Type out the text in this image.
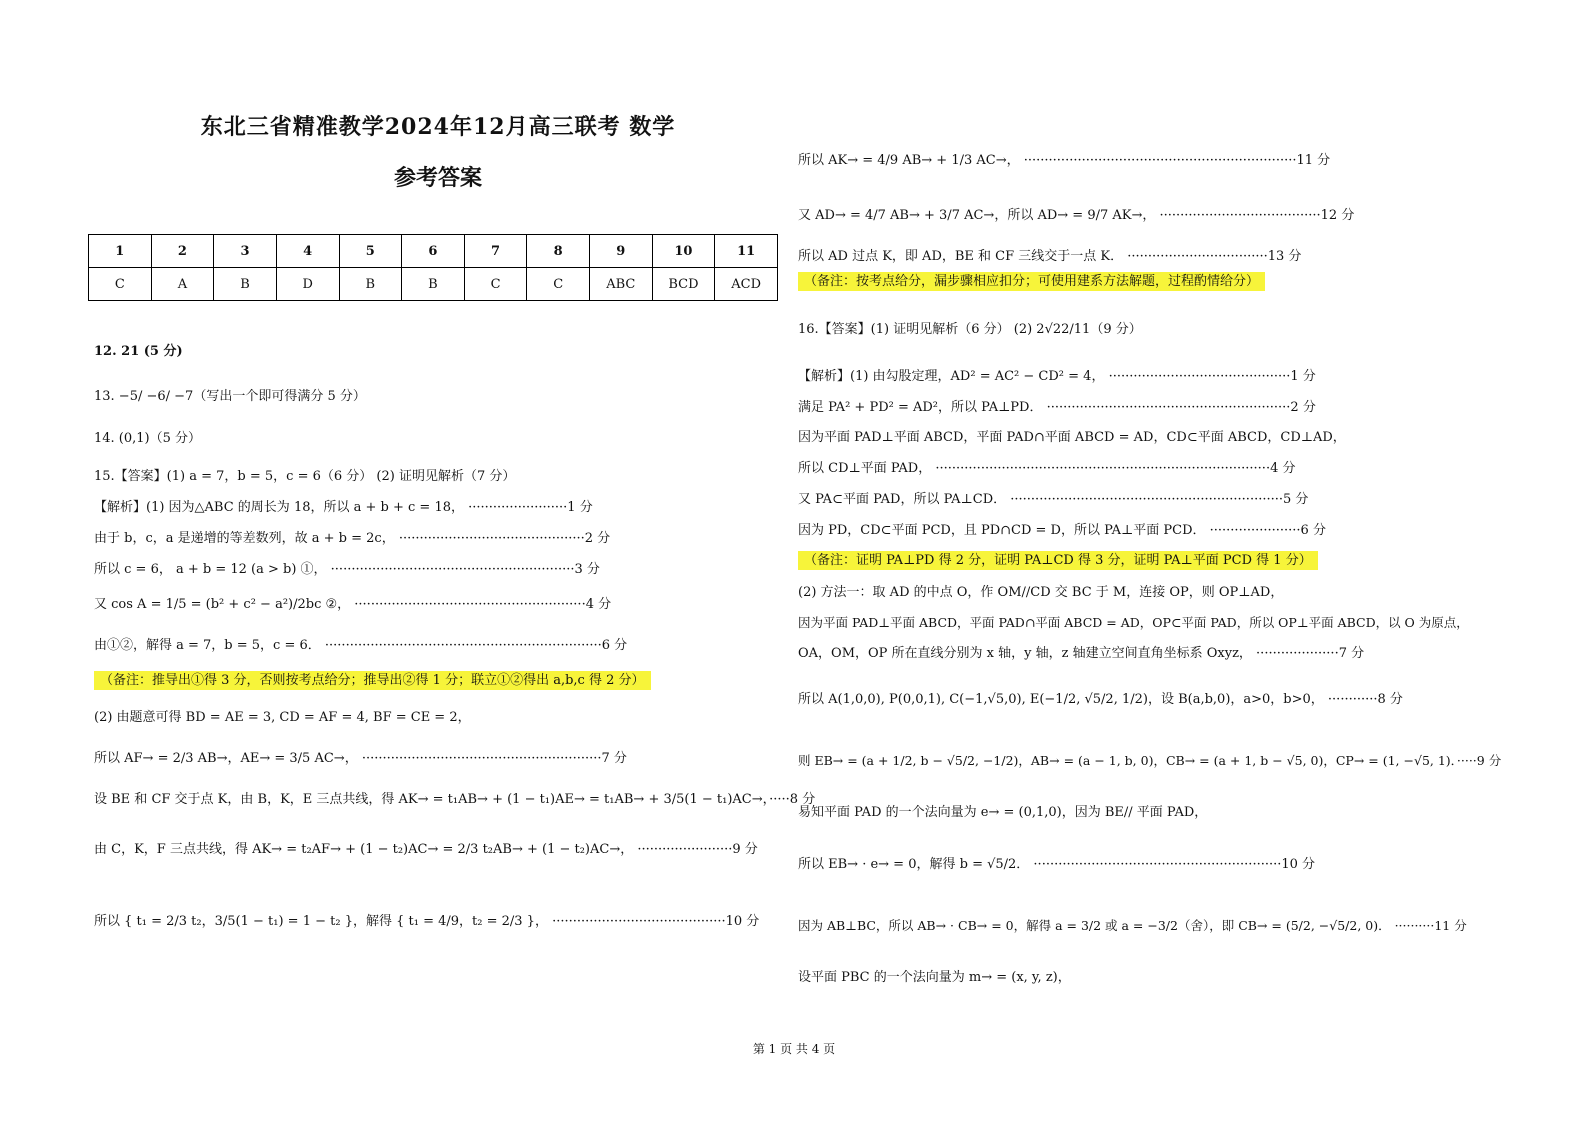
东北三省精准教学2024年12月高三联考 数学
参考答案
1	2	3	4	5	6	7	8	9	10	11
C	A	B	D	B	B	C	C	ABC	BCD	ACD
12. 21 (5 分)
13. −5/ −6/ −7（写出一个即可得满分 5 分）
14. (0,1)（5 分）
15.【答案】(1) a = 7，b = 5，c = 6（6 分） (2) 证明见解析（7 分）
【解析】(1) 因为△ABC 的周长为 18，所以 a + b + c = 18， ························1 分
由于 b，c，a 是递增的等差数列，故 a + b = 2c， ·············································2 分
所以 c = 6， a + b = 12 (a > b) ①， ···························································3 分
又 cos A = 1/5 = (b² + c² − a²)/2bc ②， ························································4 分
由①②，解得 a = 7，b = 5，c = 6． ···································································6 分
（备注：推导出①得 3 分，否则按考点给分；推导出②得 1 分；联立①②得出 a,b,c 得 2 分）
(2) 由题意可得 BD = AE = 3, CD = AF = 4, BF = CE = 2，
所以 AF→ = 2/3 AB→，AE→ = 3/5 AC→， ··························································7 分
设 BE 和 CF 交于点 K，由 B，K，E 三点共线，得 AK→ = t₁AB→ + (1 − t₁)AE→ = t₁AB→ + 3/5(1 − t₁)AC→，·····8 分
由 C，K，F 三点共线，得 AK→ = t₂AF→ + (1 − t₂)AC→ = 2/3 t₂AB→ + (1 − t₂)AC→， ·······················9 分
所以 { t₁ = 2/3 t₂，3/5(1 − t₁) = 1 − t₂ }，解得 { t₁ = 4/9，t₂ = 2/3 }， ··········································10 分
所以 AK→ = 4/9 AB→ + 1/3 AC→， ··································································11 分
又 AD→ = 4/7 AB→ + 3/7 AC→，所以 AD→ = 9/7 AK→， ·······································12 分
所以 AD 过点 K，即 AD，BE 和 CF 三线交于一点 K． ··································13 分
（备注：按考点给分，漏步骤相应扣分；可使用建系方法解题，过程酌情给分）
16.【答案】(1) 证明见解析（6 分） (2) 2√22/11（9 分）
【解析】(1) 由勾股定理，AD² = AC² − CD² = 4， ············································1 分
满足 PA² + PD² = AD²，所以 PA⊥PD． ···························································2 分
因为平面 PAD⊥平面 ABCD，平面 PAD∩平面 ABCD = AD，CD⊂平面 ABCD，CD⊥AD，
所以 CD⊥平面 PAD， ·················································································4 分
又 PA⊂平面 PAD，所以 PA⊥CD． ··································································5 分
因为 PD，CD⊂平面 PCD，且 PD∩CD = D，所以 PA⊥平面 PCD． ······················6 分
（备注：证明 PA⊥PD 得 2 分，证明 PA⊥CD 得 3 分，证明 PA⊥平面 PCD 得 1 分）
(2) 方法一：取 AD 的中点 O，作 OM//CD 交 BC 于 M，连接 OP，则 OP⊥AD，
因为平面 PAD⊥平面 ABCD，平面 PAD∩平面 ABCD = AD，OP⊂平面 PAD，所以 OP⊥平面 ABCD，以 O 为原点，
OA，OM，OP 所在直线分别为 x 轴，y 轴，z 轴建立空间直角坐标系 Oxyz， ····················7 分
所以 A(1,0,0), P(0,0,1), C(−1,√5,0), E(−1/2, √5/2, 1/2)，设 B(a,b,0)，a>0，b>0， ············8 分
则 EB→ = (a + 1/2, b − √5/2, −1/2)，AB→ = (a − 1, b, 0)，CB→ = (a + 1, b − √5, 0)，CP→ = (1, −√5, 1)．·····9 分
易知平面 PAD 的一个法向量为 e→ = (0,1,0)，因为 BE// 平面 PAD，
所以 EB→ · e→ = 0，解得 b = √5/2． ····························································10 分
因为 AB⊥BC，所以 AB→ · CB→ = 0，解得 a = 3/2 或 a = −3/2（舍），即 CB→ = (5/2, −√5/2, 0)． ··········11 分
设平面 PBC 的一个法向量为 m→ = (x, y, z)，
第 1 页 共 4 页
